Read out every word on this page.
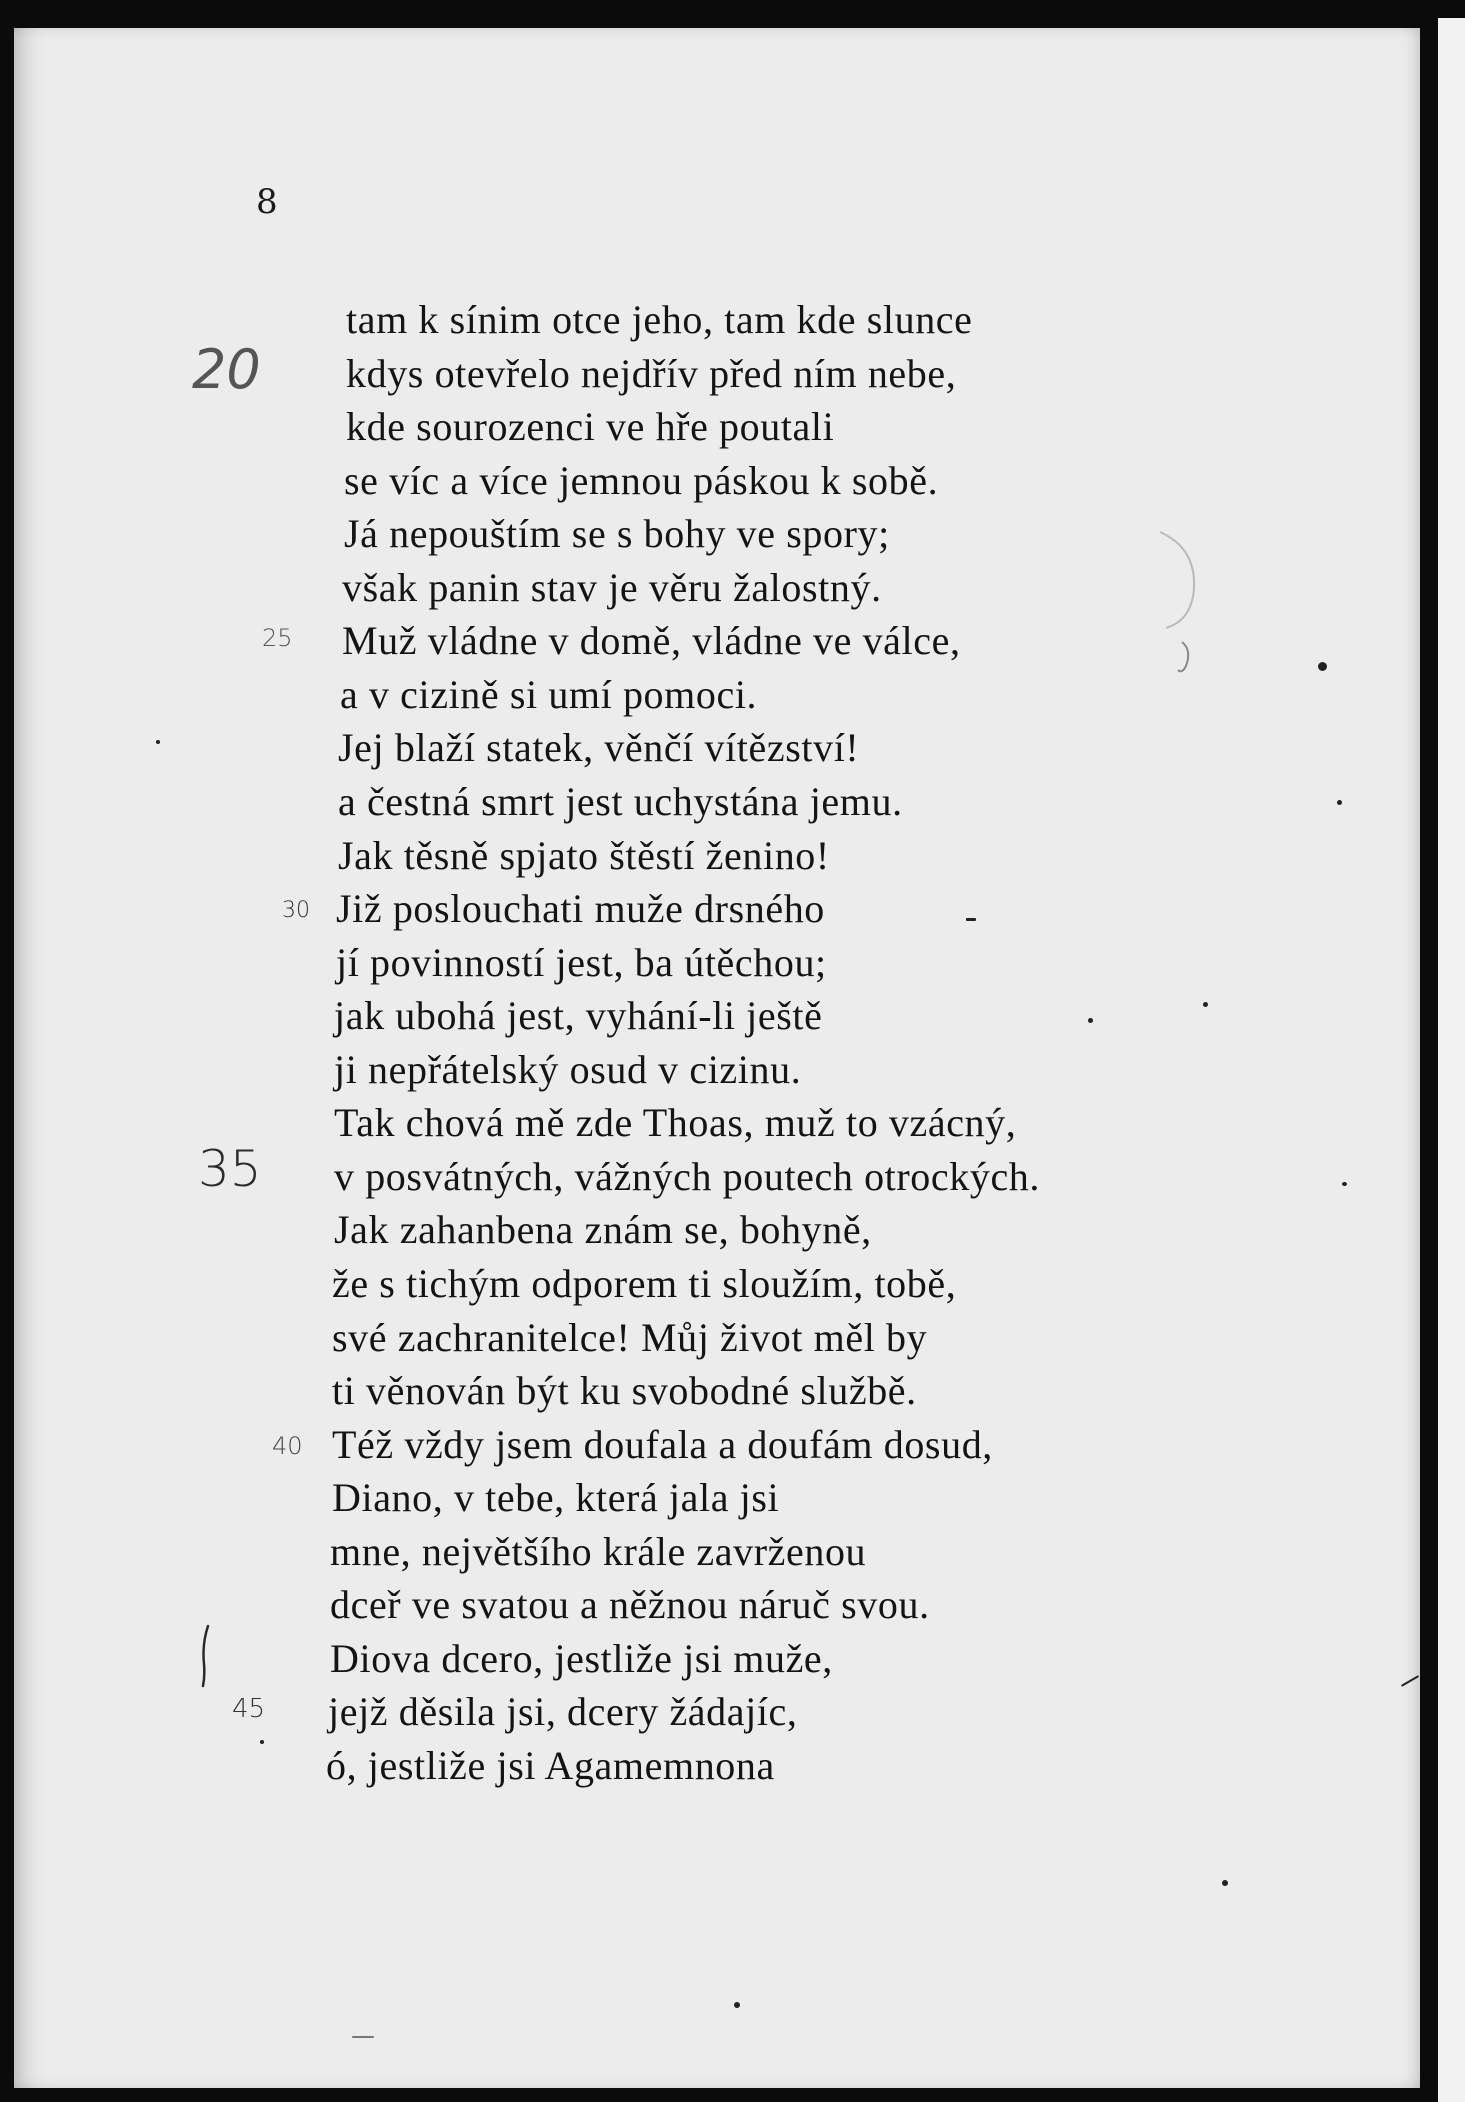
8
tam k sínim otce jeho, tam kde slunce
kdys otevřelo nejdřív před ním nebe,
kde sourozenci ve hře poutali
se víc a více jemnou páskou k sobě.
Já nepouštím se s bohy ve spory;
však panin stav je věru žalostný.
Muž vládne v domě, vládne ve válce,
a v cizině si umí pomoci.
Jej blaží statek, věnčí vítězství!
a čestná smrt jest uchystána jemu.
Jak těsně spjato štěstí ženino!
Již poslouchati muže drsného
jí povinností jest, ba útěchou;
jak ubohá jest, vyhání-li ještě
ji nepřátelský osud v cizinu.
Tak chová mě zde Thoas, muž to vzácný,
v posvátných, vážných poutech otrockých.
Jak zahanbena znám se, bohyně,
že s tichým odporem ti sloužím, tobě,
své zachranitelce! Můj život měl by
ti věnován být ku svobodné službě.
Též vždy jsem doufala a doufám dosud,
Diano, v tebe, která jala jsi
mne, největšího krále zavrženou
dceř ve svatou a něžnou náruč svou.
Diova dcero, jestliže jsi muže,
jejž děsila jsi, dcery žádajíc,
ó, jestliže jsi Agamemnona
20
25
30
35
40
45
